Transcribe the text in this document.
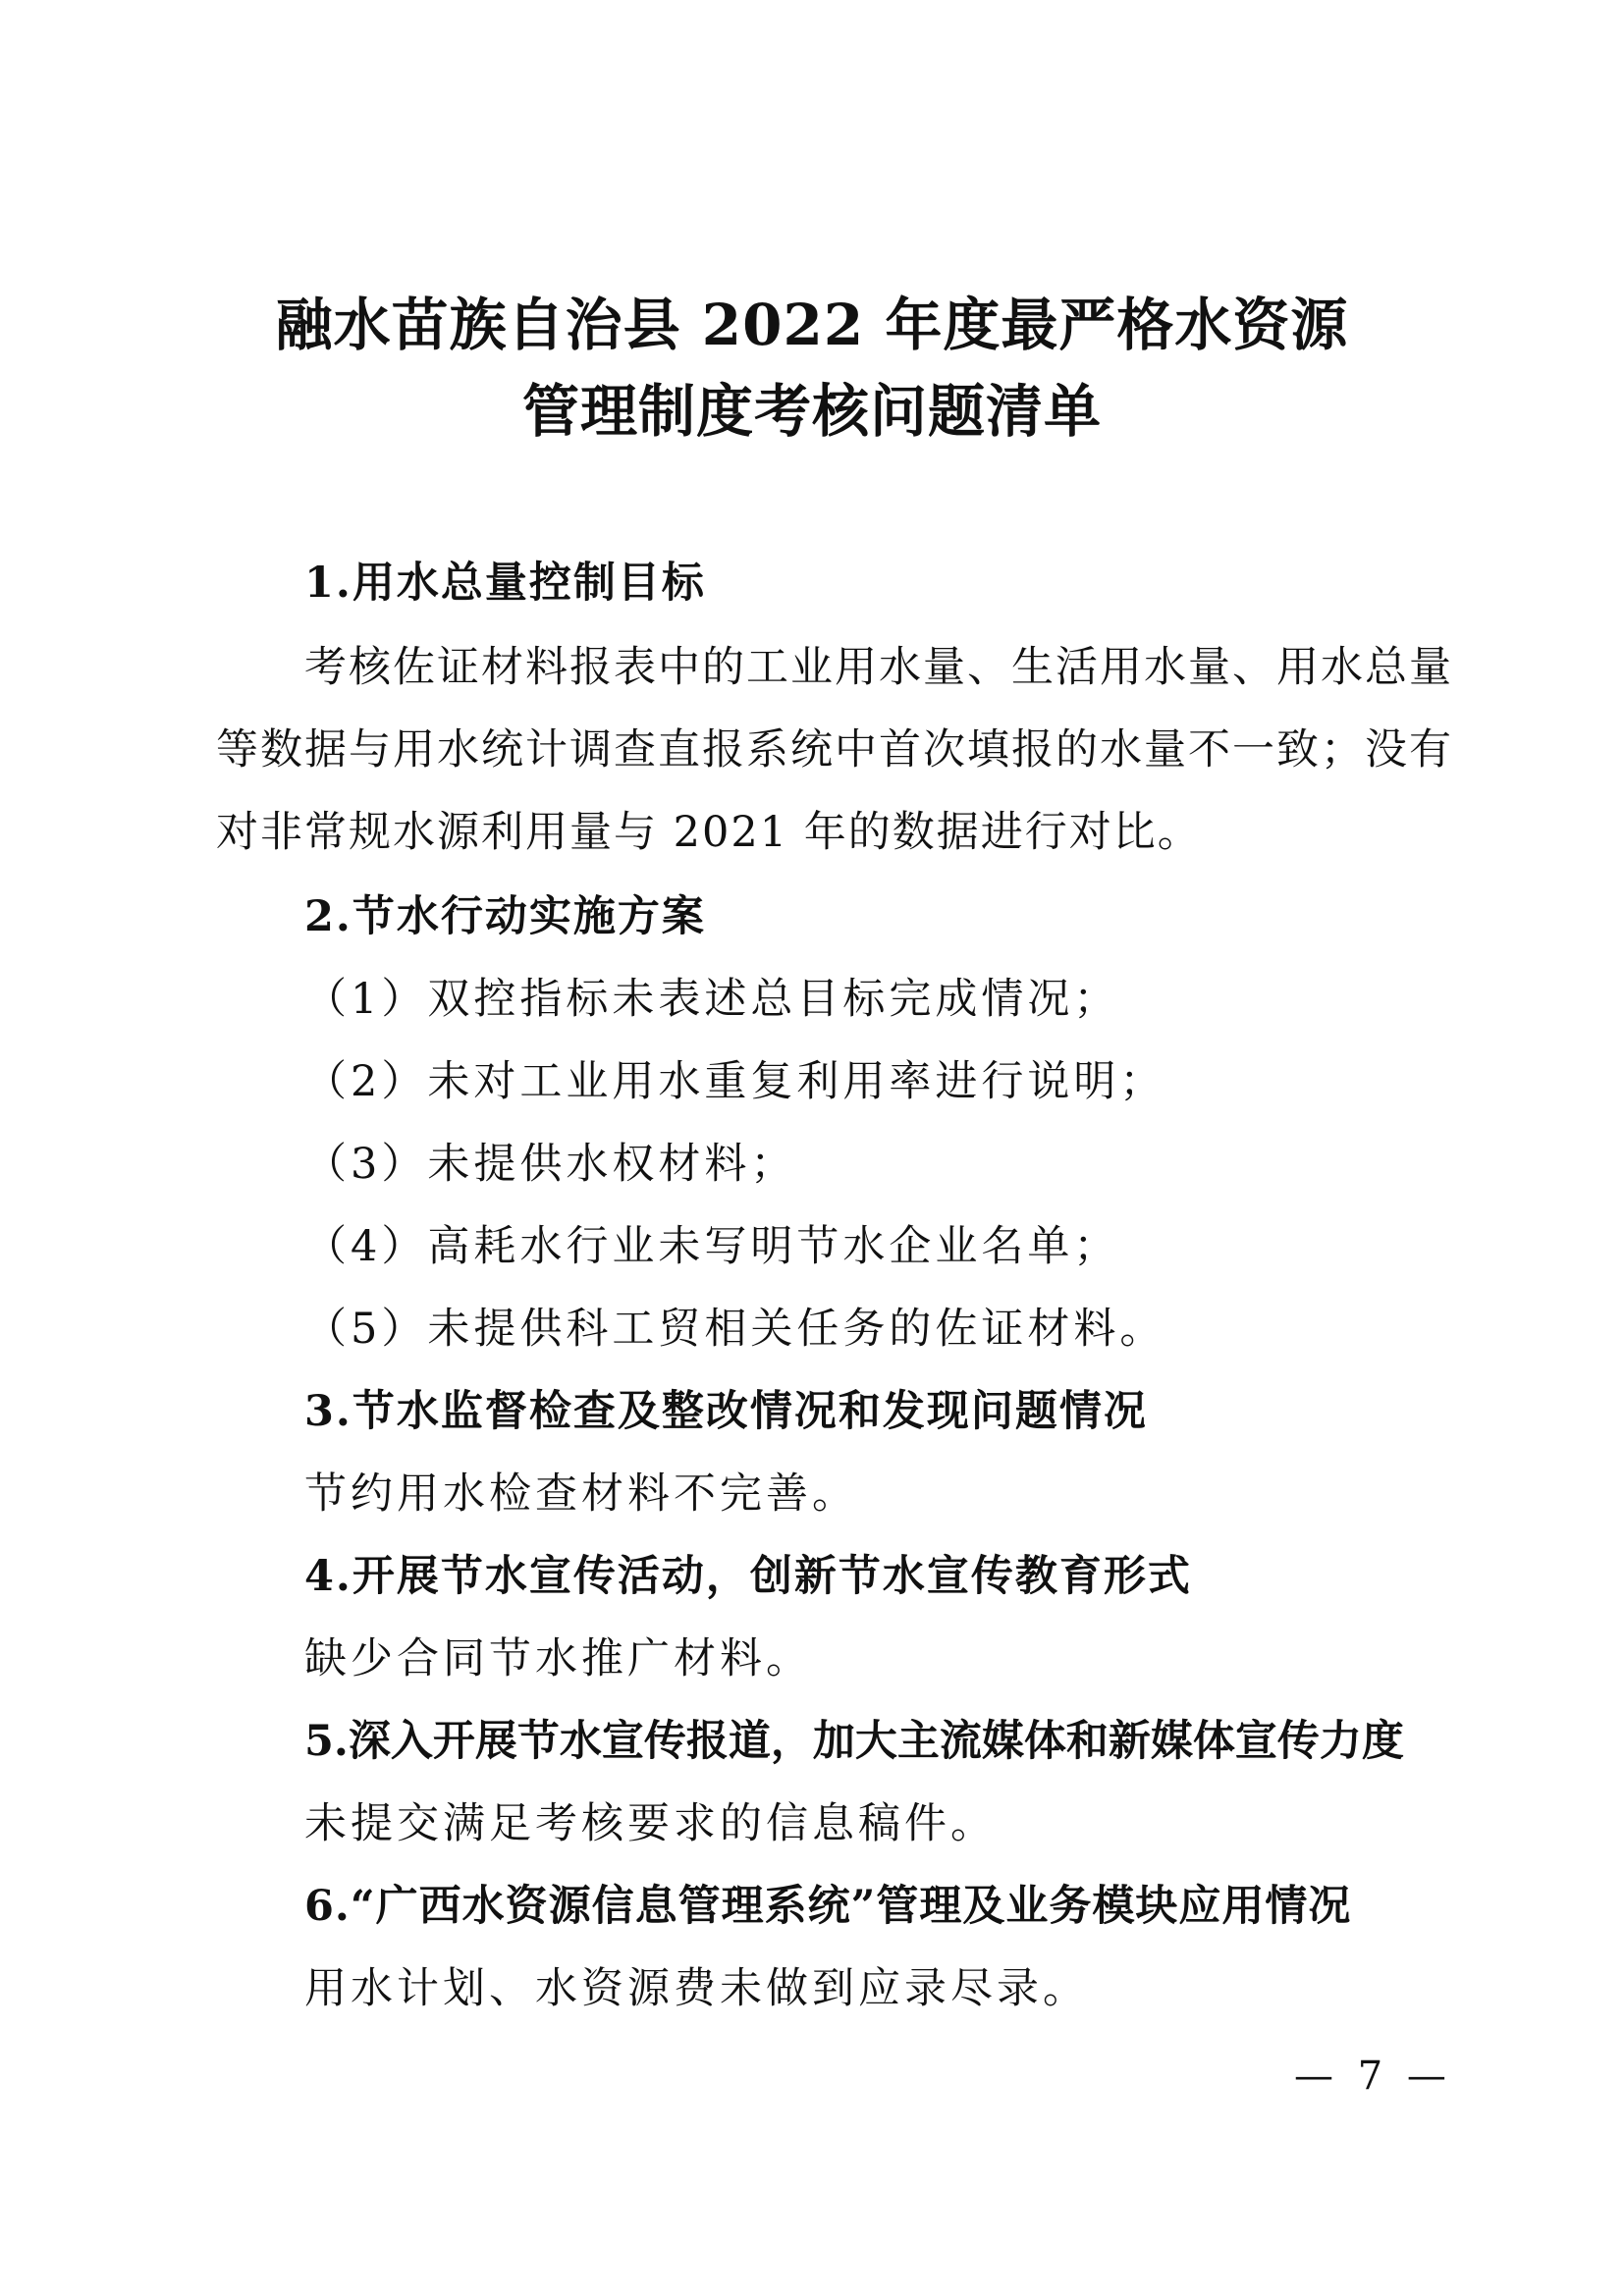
融水苗族自治县 2022 年度最严格水资源
管理制度考核问题清单
1.用水总量控制目标
考核佐证材料报表中的工业用水量、生活用水量、用水总量
等数据与用水统计调查直报系统中首次填报的水量不一致；没有
对非常规水源利用量与 2021 年的数据进行对比。
2.节水行动实施方案
（1）双控指标未表述总目标完成情况；
（2）未对工业用水重复利用率进行说明；
（3）未提供水权材料；
（4）高耗水行业未写明节水企业名单；
（5）未提供科工贸相关任务的佐证材料。
3.节水监督检查及整改情况和发现问题情况
节约用水检查材料不完善。
4.开展节水宣传活动，创新节水宣传教育形式
缺少合同节水推广材料。
5.深入开展节水宣传报道，加大主流媒体和新媒体宣传力度
未提交满足考核要求的信息稿件。
6.“广西水资源信息管理系统”管理及业务模块应用情况
用水计划、水资源费未做到应录尽录。
— 7 —
